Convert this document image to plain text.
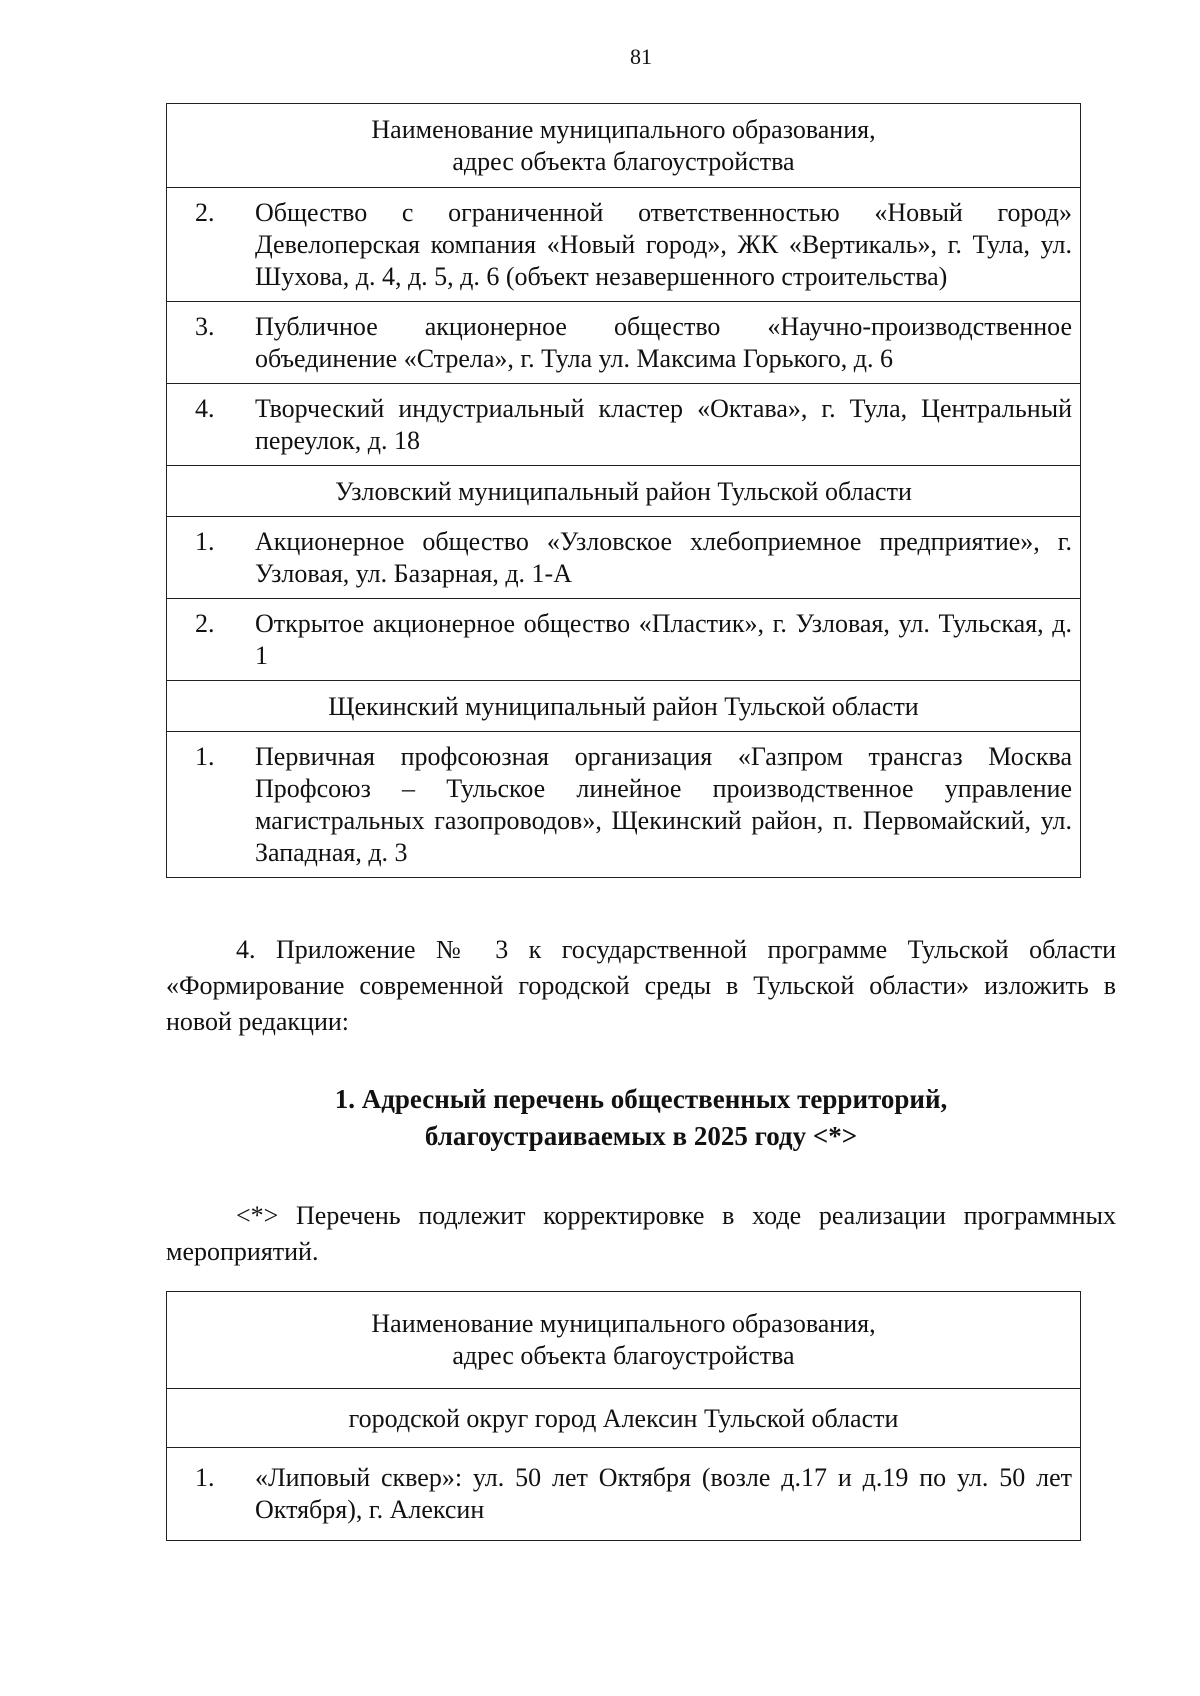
81
Наименование муниципального образования,
адрес объекта благоустройства

2.	Общество с ограниченной ответственностью «Новый город» Девелоперская компания «Новый город», ЖК «Вертикаль», г. Тула, ул. Шухова, д. 4, д. 5, д. 6 (объект незавершенного строительства)

3.	Публичное акционерное общество «Научно-производственное объединение «Стрела», г. Тула ул. Максима Горького, д. 6

4.	Творческий индустриальный кластер «Октава», г. Тула, Центральный переулок, д. 18

Узловский муниципальный район Тульской области

1.	Акционерное общество «Узловское хлебоприемное предприятие», г. Узловая, ул. Базарная, д. 1-А

2.	Открытое акционерное общество «Пластик», г. Узловая, ул. Тульская, д. 1

Щекинский муниципальный район Тульской области

1.	Первичная профсоюзная организация «Газпром трансгаз Москва Профсоюз – Тульское линейное производственное управление магистральных газопроводов», Щекинский район, п. Первомайский, ул. Западная, д. 3

4. Приложение № 3 к государственной программе Тульской области «Формирование современной городской среды в Тульской области» изложить в новой редакции:

1. Адресный перечень общественных территорий,
благоустраиваемых в 2025 году <*>

<*> Перечень подлежит корректировке в ходе реализации программных мероприятий.

Наименование муниципального образования,
адрес объекта благоустройства

городской округ город Алексин Тульской области

1.	«Липовый сквер»: ул. 50 лет Октября (возле д.17 и д.19 по ул. 50 лет Октября), г. Алексин
